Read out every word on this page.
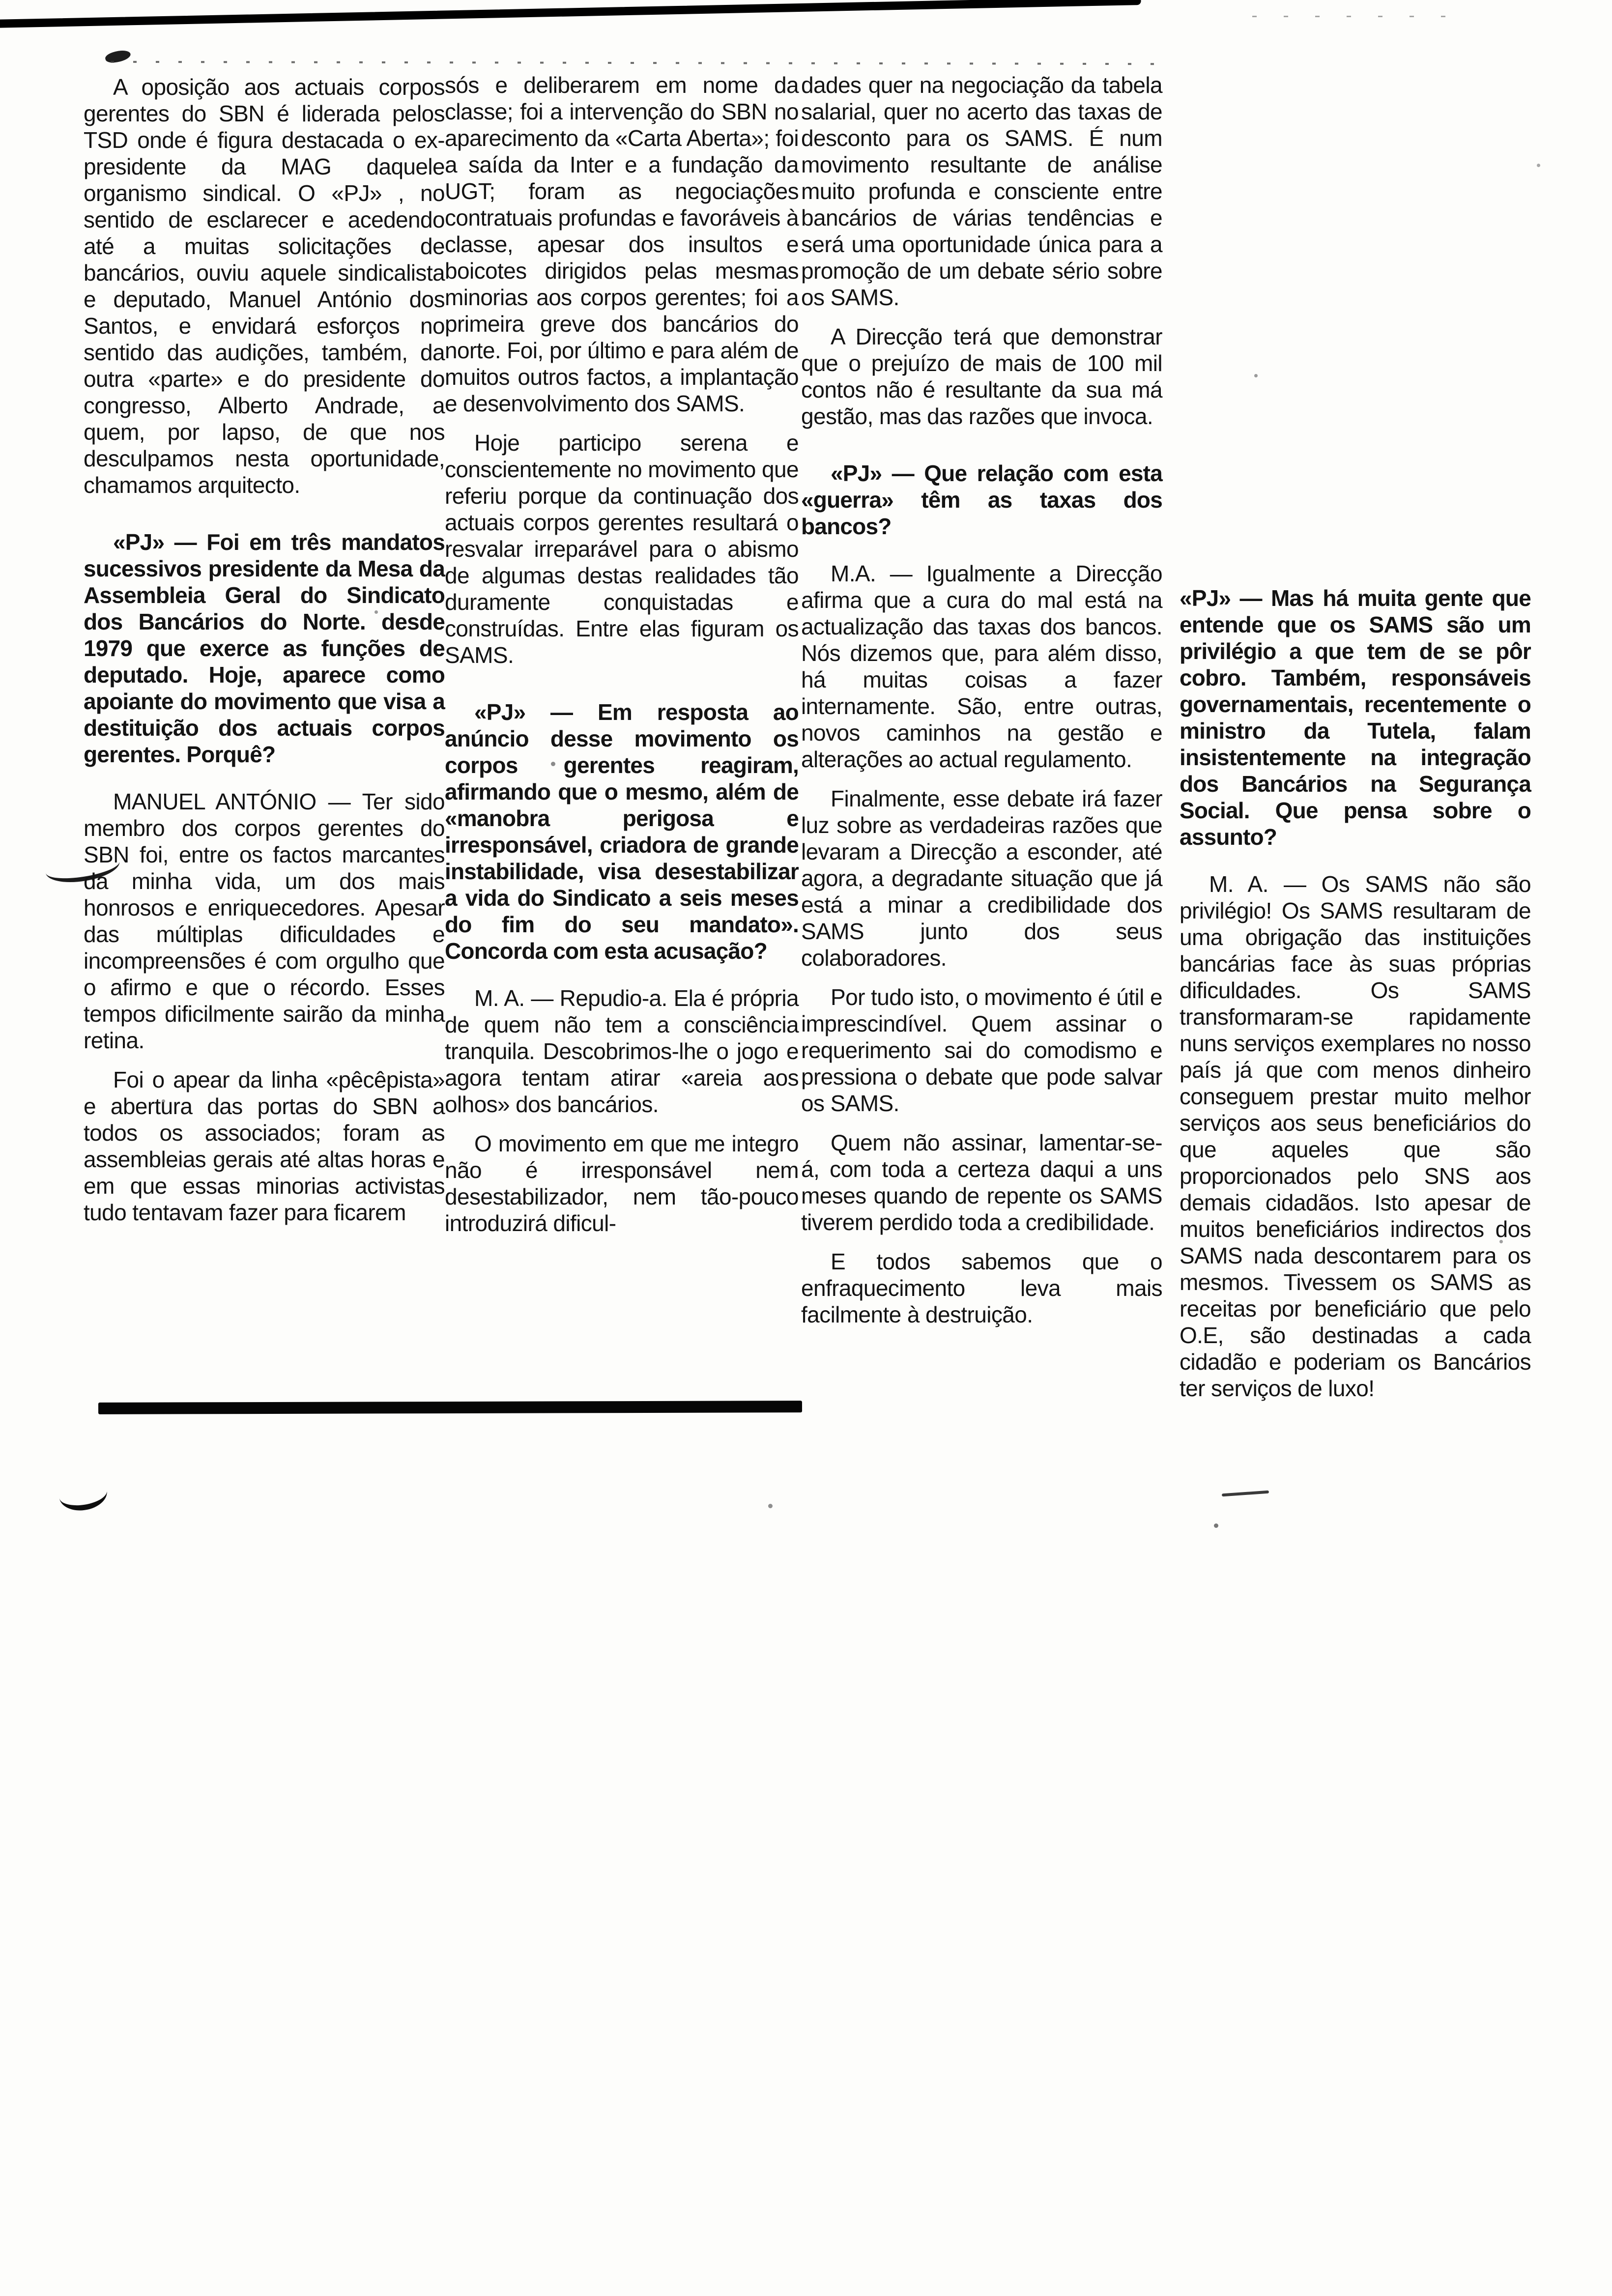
A oposição aos actuais corpos gerentes do SBN é liderada pelos TSD onde é figura destacada o ex-presidente da MAG daquele organismo sindical. O «PJ» , no sentido de esclarecer e acedendo até a muitas solicitações de bancários, ouviu aquele sindicalista e deputado, Manuel António dos Santos, e envidará esforços no sentido das audições, também, da outra «parte» e do presidente do congresso, Alberto Andrade, a quem, por lapso, de que nos desculpamos nesta oportunidade, chamamos arquitecto.

«PJ» — Foi em três mandatos sucessivos presidente da Mesa da Assembleia Geral do Sindicato dos Bancários do Norte. desde 1979 que exerce as funções de deputado. Hoje, aparece como apoiante do movimento que visa a destituição dos actuais corpos gerentes. Porquê?

MANUEL ANTÓNIO — Ter sido membro dos corpos gerentes do SBN foi, entre os factos marcantes da minha vida, um dos mais honrosos e enriquecedores. Apesar das múltiplas dificuldades e incompreensões é com orgulho que o afirmo e que o récordo. Esses tempos dificilmente sairão da minha retina.

Foi o apear da linha «pêcêpista» e abertura das portas do SBN a todos os associados; foram as assembleias gerais até altas horas e em que essas minorias activistas tudo tentavam fazer para ficarem

sós e deliberarem em nome da classe; foi a intervenção do SBN no aparecimento da «Carta Aberta»; foi a saída da Inter e a fundação da UGT; foram as negociações contratuais profundas e favoráveis à classe, apesar dos insultos e boicotes dirigidos pelas mesmas minorias aos corpos gerentes; foi a primeira greve dos bancários do norte. Foi, por último e para além de muitos outros factos, a implantação e desenvolvimento dos SAMS.

Hoje participo serena e conscientemente no movimento que referiu porque da continuação dos actuais corpos gerentes resultará o resvalar irreparável para o abismo de algumas destas realidades tão duramente conquistadas e construídas. Entre elas figuram os SAMS.

«PJ» — Em resposta ao anúncio desse movimento os corpos gerentes reagiram, afirmando que o mesmo, além de «manobra perigosa e irresponsável, criadora de grande instabilidade, visa desestabilizar a vida do Sindicato a seis meses do fim do seu mandato». Concorda com esta acusação?

M. A. — Repudio-a. Ela é própria de quem não tem a consciência tranquila. Descobrimos-lhe o jogo e agora tentam atirar «areia aos olhos» dos bancários.

O movimento em que me integro não é irresponsável nem desestabilizador, nem tão-pouco introduzirá dificul-

dades quer na negociação da tabela salarial, quer no acerto das taxas de desconto para os SAMS. É num movimento resultante de análise muito profunda e consciente entre bancários de várias tendências e será uma oportunidade única para a promoção de um debate sério sobre os SAMS.

A Direcção terá que demonstrar que o prejuízo de mais de 100 mil contos não é resultante da sua má gestão, mas das razões que invoca.

«PJ» — Que relação com esta «guerra» têm as taxas dos bancos?

M.A. — Igualmente a Direcção afirma que a cura do mal está na actualização das taxas dos bancos. Nós dizemos que, para além disso, há muitas coisas a fazer internamente. São, entre outras, novos caminhos na gestão e alterações ao actual regulamento.

Finalmente, esse debate irá fazer luz sobre as verdadeiras razões que levaram a Direcção a esconder, até agora, a degradante situação que já está a minar a credibilidade dos SAMS junto dos seus colaboradores.

Por tudo isto, o movimento é útil e imprescindível. Quem assinar o requerimento sai do comodismo e pressiona o debate que pode salvar os SAMS.

Quem não assinar, lamentar-se-á, com toda a certeza daqui a uns meses quando de repente os SAMS tiverem perdido toda a credibilidade.

E todos sabemos que o enfraquecimento leva mais facilmente à destruição.

«PJ» — Mas há muita gente que entende que os SAMS são um privilégio a que tem de se pôr cobro. Também, responsáveis governamentais, recentemente o ministro da Tutela, falam insistentemente na integração dos Bancários na Segurança Social. Que pensa sobre o assunto?

M. A. — Os SAMS não são privilégio! Os SAMS resultaram de uma obrigação das instituições bancárias face às suas próprias dificuldades. Os SAMS transformaram-se rapidamente nuns serviços exemplares no nosso país já que com menos dinheiro conseguem prestar muito melhor serviços aos seus beneficiários do que aqueles que são proporcionados pelo SNS aos demais cidadãos. Isto apesar de muitos beneficiários indirectos dos SAMS nada descontarem para os mesmos. Tivessem os SAMS as receitas por beneficiário que pelo O.E, são destinadas a cada cidadão e poderiam os Bancários ter serviços de luxo!
